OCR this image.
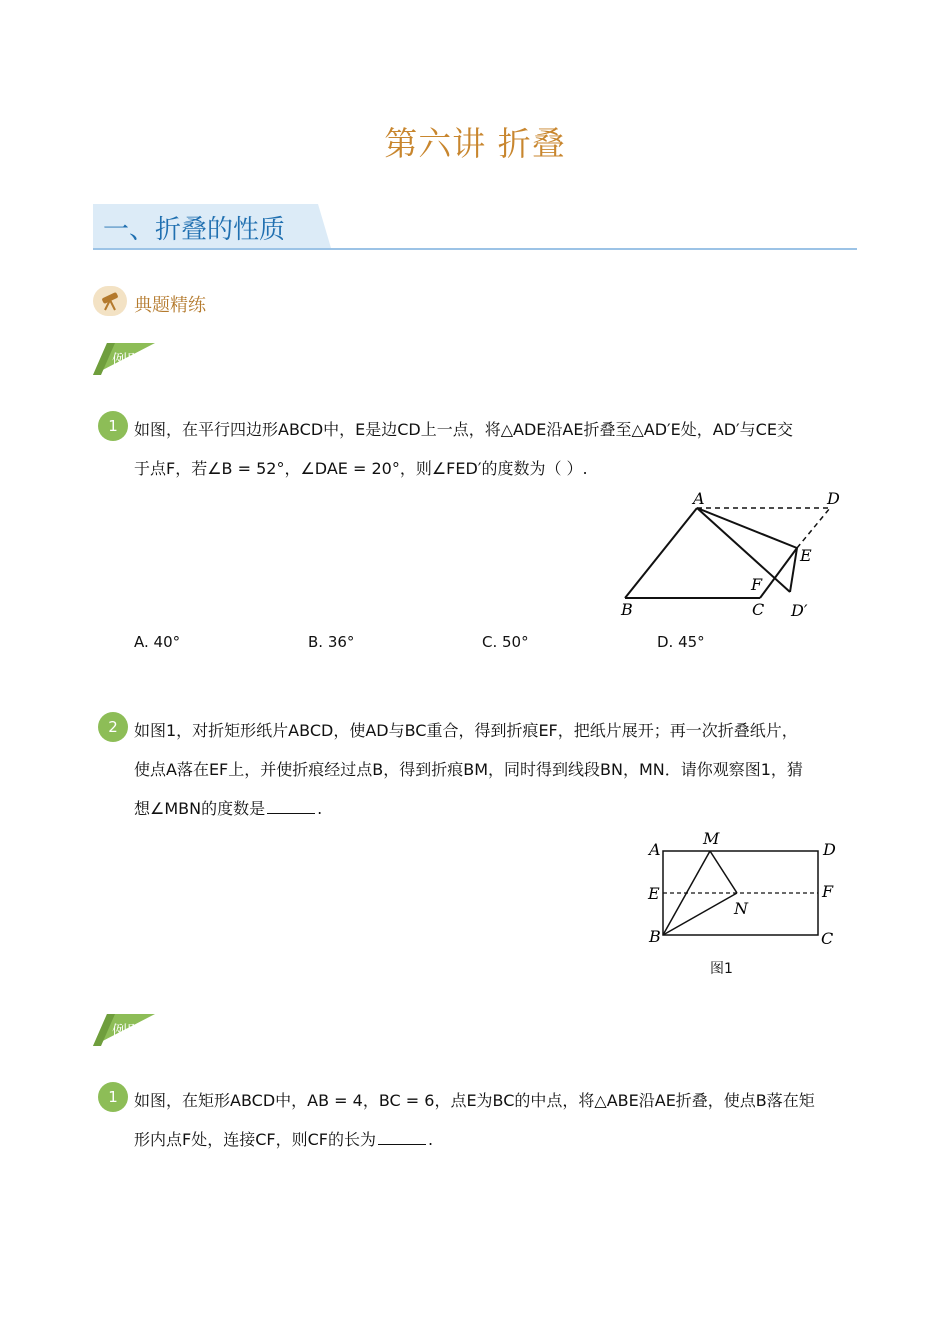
第六讲 折叠
一、折叠的性质
典题精练
例题1
1	如图，在平行四边形ABCD中，E是边CD上一点，将△ADE沿AE折叠至△AD′E处，AD′与CE交
于点F，若∠B = 52°，∠DAE = 20°，则∠FED′的度数为（ ）.
A	D
E
F
B	C D′
A. 40°	B. 36°	C. 50°	D. 45°
2	如图1，对折矩形纸片ABCD，使AD与BC重合，得到折痕EF，把纸片展开；再一次折叠纸片，
使点A落在EF上，并使折痕经过点B，得到折痕BM，同时得到线段BN，MN．请你观察图1，猜
想∠MBN的度数是	.
A
M
D
E	F
N
B	C
图1
例题2
1	如图，在矩形ABCD中，AB = 4，BC = 6，点E为BC的中点，将△ABE沿AE折叠，使点B落在矩
形内点F处，连接CF，则CF的长为	.
